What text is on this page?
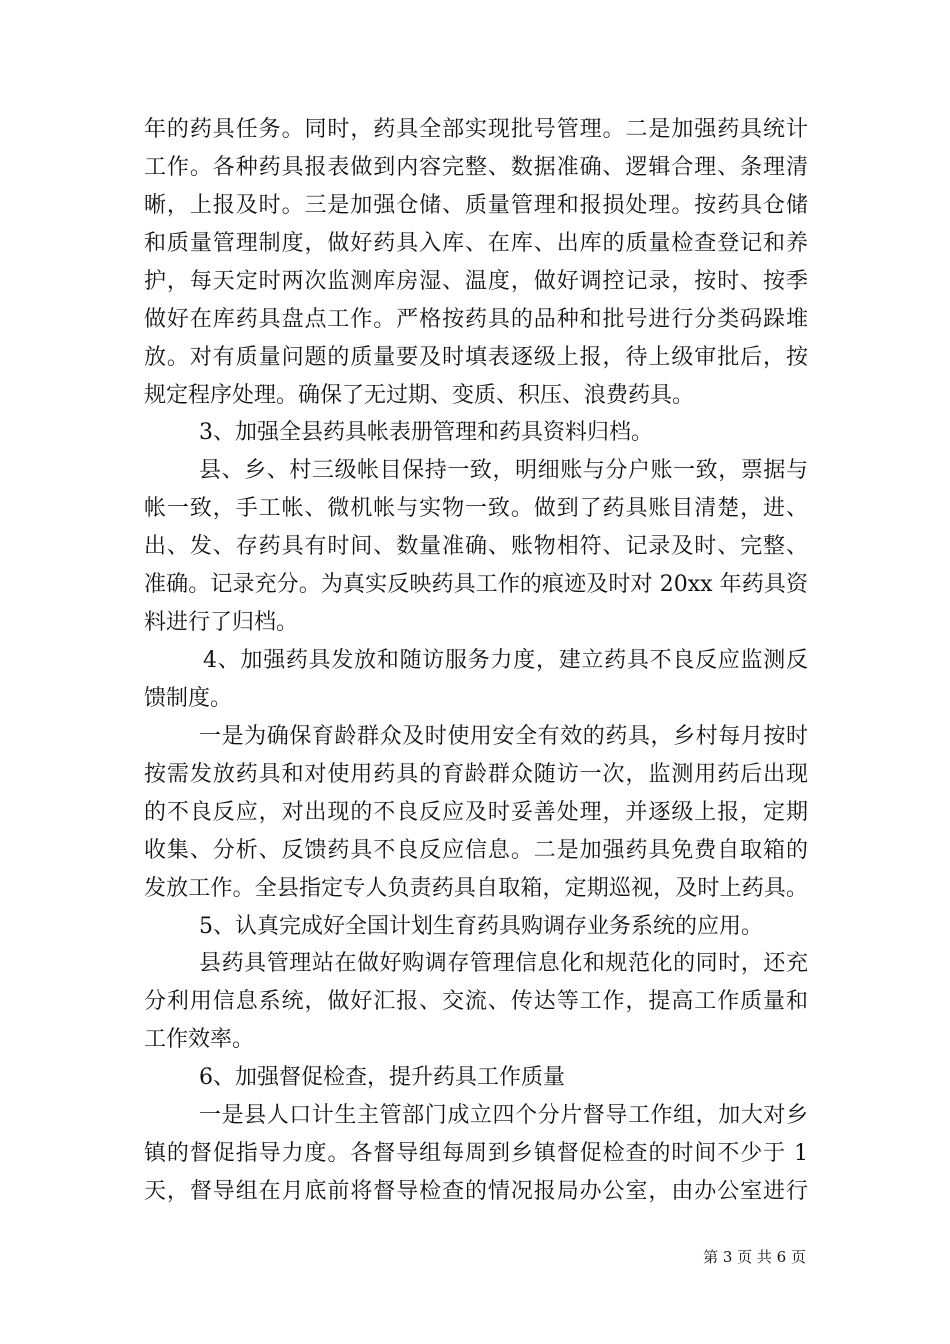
年的药具任务。同时，药具全部实现批号管理。二是加强药具统计
工作。各种药具报表做到内容完整、数据准确、逻辑合理、条理清
晰，上报及时。三是加强仓储、质量管理和报损处理。按药具仓储
和质量管理制度，做好药具入库、在库、出库的质量检查登记和养
护，每天定时两次监测库房湿、温度，做好调控记录，按时、按季
做好在库药具盘点工作。严格按药具的品种和批号进行分类码跺堆
放。对有质量问题的质量要及时填表逐级上报，待上级审批后，按
规定程序处理。确保了无过期、变质、积压、浪费药具。
3、加强全县药具帐表册管理和药具资料归档。
县、乡、村三级帐目保持一致，明细账与分户账一致，票据与
帐一致，手工帐、微机帐与实物一致。做到了药具账目清楚，进、
出、发、存药具有时间、数量准确、账物相符、记录及时、完整、
准确。记录充分。为真实反映药具工作的痕迹及时对 20xx 年药具资
料进行了归档。
4、加强药具发放和随访服务力度，建立药具不良反应监测反
馈制度。
一是为确保育龄群众及时使用安全有效的药具，乡村每月按时
按需发放药具和对使用药具的育龄群众随访一次，监测用药后出现
的不良反应，对出现的不良反应及时妥善处理，并逐级上报，定期
收集、分析、反馈药具不良反应信息。二是加强药具免费自取箱的
发放工作。全县指定专人负责药具自取箱，定期巡视，及时上药具。
5、认真完成好全国计划生育药具购调存业务系统的应用。
县药具管理站在做好购调存管理信息化和规范化的同时，还充
分利用信息系统，做好汇报、交流、传达等工作，提高工作质量和
工作效率。
6、加强督促检查，提升药具工作质量
一是县人口计生主管部门成立四个分片督导工作组，加大对乡
镇的督促指导力度。各督导组每周到乡镇督促检查的时间不少于 1
天，督导组在月底前将督导检查的情况报局办公室，由办公室进行
第 3 页 共 6 页
